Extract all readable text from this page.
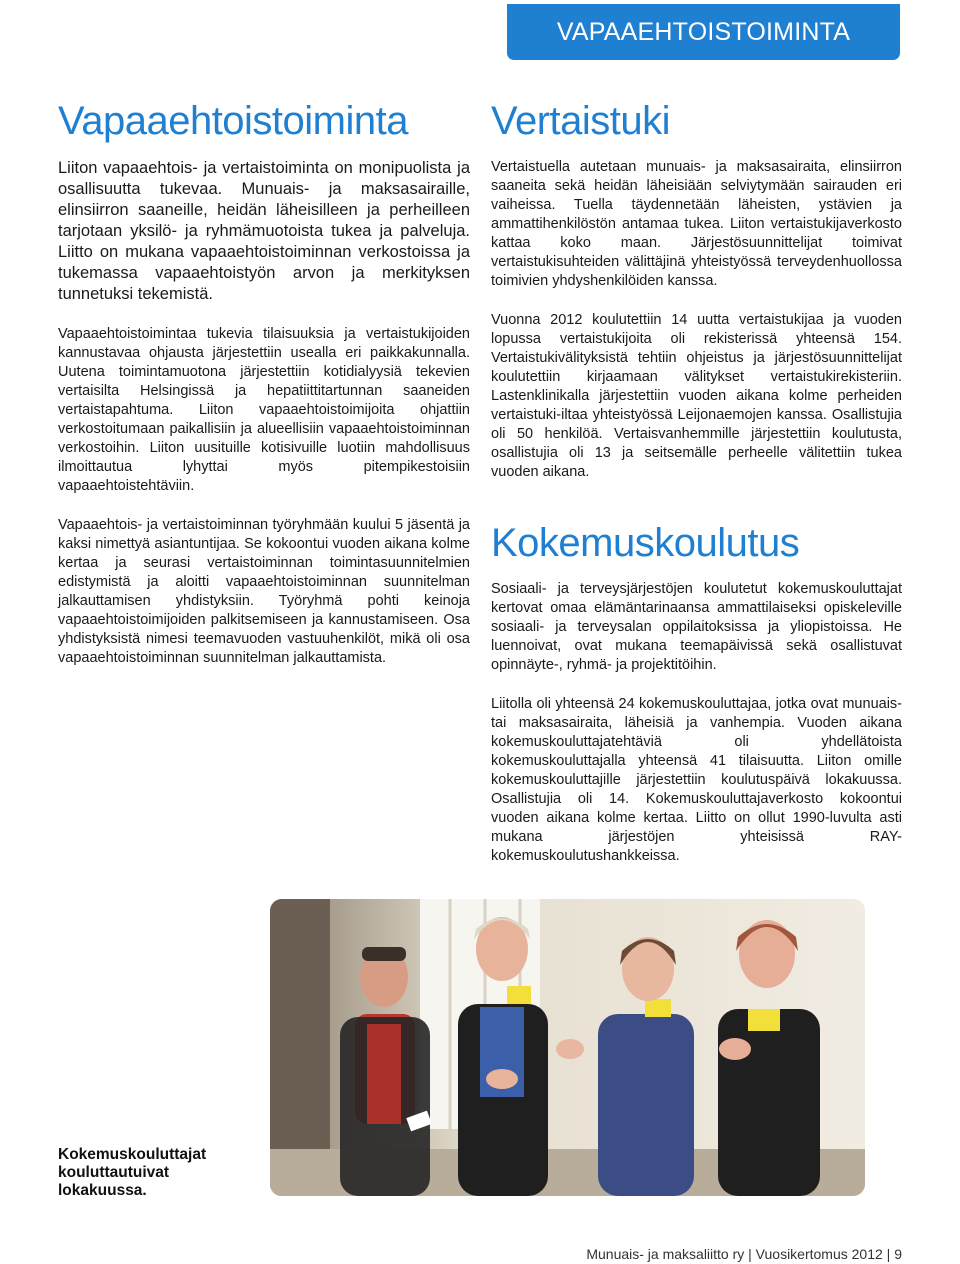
VAPAAEHTOISTOIMINTA
Vapaaehtoistoiminta

Liiton vapaaehtois- ja vertaistoiminta on monipuolista ja osallisuutta tukevaa. Munuais- ja maksasairaille, elinsiirron saaneille, heidän läheisilleen ja perheilleen tarjotaan yksilö- ja ryhmämuotoista tukea ja palveluja. Liitto on mukana vapaaehtoistoiminnan verkostoissa ja tukemassa vapaaehtoistyön arvon ja merkityksen tunnetuksi tekemistä.

Vapaaehtoistoimintaa tukevia tilaisuuksia ja vertaistukijoiden kannustavaa ohjausta järjestettiin usealla eri paikkakunnalla. Uutena toimintamuotona järjestettiin kotidialyysiä tekevien vertaisilta Helsingissä ja hepatiittitartunnan saaneiden vertaistapahtuma. Liiton vapaaehtoistoimijoita ohjattiin verkostoitumaan paikallisiin ja alueellisiin vapaaehtoistoiminnan verkostoihin. Liiton uusituille kotisivuille luotiin mahdollisuus ilmoittautua lyhyttai myös pitempikestoisiin vapaaehtoistehtäviin.

Vapaaehtois- ja vertaistoiminnan työryhmään kuului 5 jäsentä ja kaksi nimettyä asiantuntijaa. Se kokoontui vuoden aikana kolme kertaa ja seurasi vertaistoiminnan toimintasuunnitelmien edistymistä ja aloitti vapaaehtoistoiminnan suunnitelman jalkauttamisen yhdistyksiin. Työryhmä pohti keinoja vapaaehtoistoimijoiden palkitsemiseen ja kannustamiseen. Osa yhdistyksistä nimesi teemavuoden vastuuhenkilöt, mikä oli osa vapaaehtoistoiminnan suunnitelman jalkauttamista.

Vertaistuki

Vertaistuella autetaan munuais- ja maksasairaita, elinsiirron saaneita sekä heidän läheisiään selviytymään sairauden eri vaiheissa. Tuella täydennetään läheisten, ystävien ja ammattihenkilöstön antamaa tukea. Liiton vertaistukijaverkosto kattaa koko maan. Järjestösuunnittelijat toimivat vertaistukisuhteiden välittäjinä yhteistyössä terveydenhuollossa toimivien yhdyshenkilöiden kanssa.

Vuonna 2012 koulutettiin 14 uutta vertaistukijaa ja vuoden lopussa vertaistukijoita oli rekisterissä yhteensä 154. Vertaistukivälityksistä tehtiin ohjeistus ja järjestösuunnittelijat koulutettiin kirjaamaan välitykset vertaistukirekisteriin. Lastenklinikalla järjestettiin vuoden aikana kolme perheiden vertaistuki-iltaa yhteistyössä Leijonaemojen kanssa. Osallistujia oli 50 henkilöä. Vertaisvanhemmille järjestettiin koulutusta, osallistujia oli 13 ja seitsemälle perheelle välitettiin tukea vuoden aikana.

Kokemuskoulutus

Sosiaali- ja terveysjärjestöjen koulutetut kokemuskouluttajat kertovat omaa elämäntarinaansa ammattilaiseksi opiskeleville sosiaali- ja terveysalan oppilaitoksissa ja yliopistoissa. He luennoivat, ovat mukana teemapäivissä sekä osallistuvat opinnäyte-, ryhmä- ja projektitöihin.

Liitolla oli yhteensä 24 kokemuskouluttajaa, jotka ovat munuais- tai maksasairaita, läheisiä ja vanhempia. Vuoden aikana kokemuskouluttajatehtäviä oli yhdellätoista kokemuskouluttajalla yhteensä 41 tilaisuutta. Liiton omille kokemuskouluttajille järjestettiin koulutuspäivä lokakuussa. Osallistujia oli 14. Kokemuskouluttajaverkosto kokoontui vuoden aikana kolme kertaa. Liitto on ollut 1990-luvulta asti mukana järjestöjen yhteisissä RAY-kokemuskoulutushankkeissa.

Kokemuskouluttajat kouluttautuivat lokakuussa.
Munuais- ja maksaliitto ry | Vuosikertomus 2012 | 9
